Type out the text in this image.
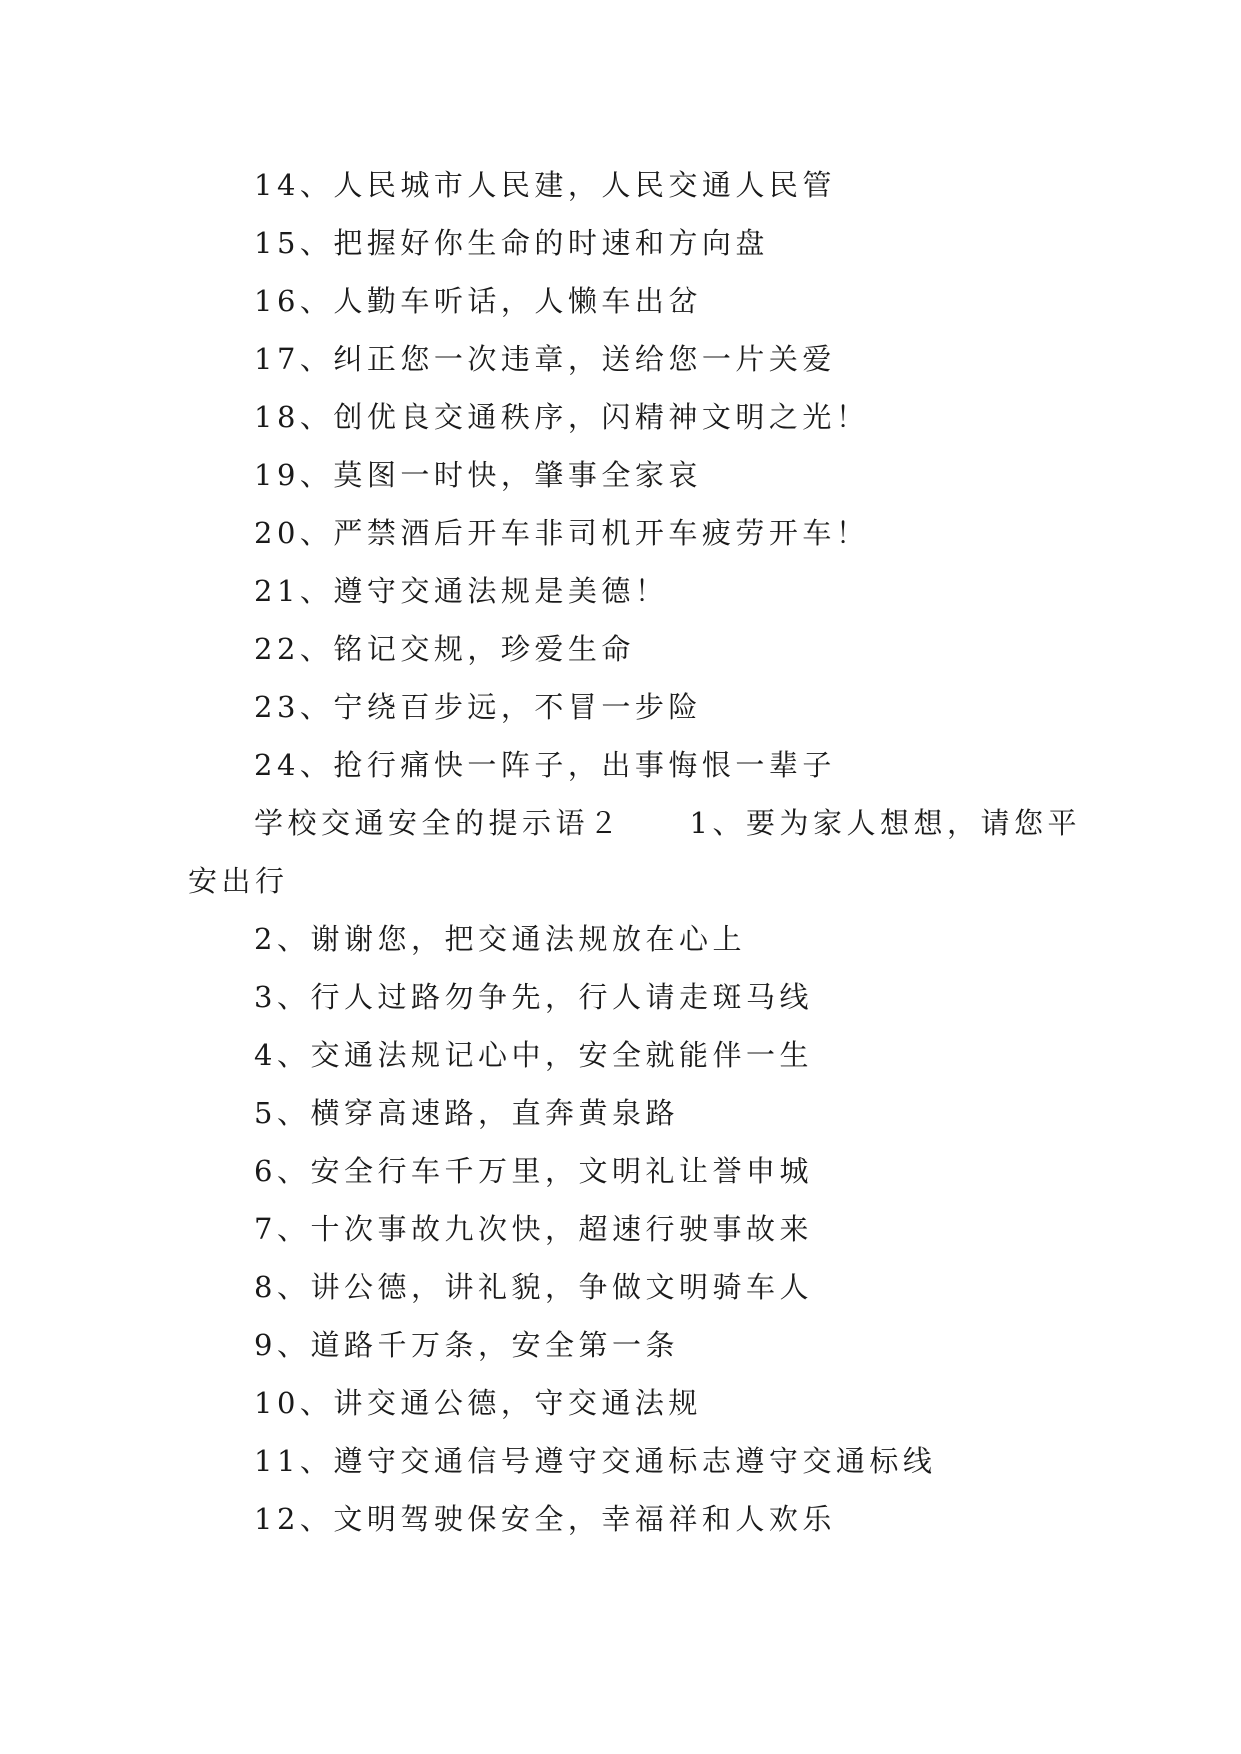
14、人民城市人民建，人民交通人民管
15、把握好你生命的时速和方向盘
16、人勤车听话，人懒车出岔
17、纠正您一次违章，送给您一片关爱
18、创优良交通秩序，闪精神文明之光！
19、莫图一时快，肇事全家哀
20、严禁酒后开车非司机开车疲劳开车！
21、遵守交通法规是美德！
22、铭记交规，珍爱生命
23、宁绕百步远，不冒一步险
24、抢行痛快一阵子，出事悔恨一辈子
学校交通安全的提示语２　　1、要为家人想想，请您平
安出行
2、谢谢您，把交通法规放在心上
3、行人过路勿争先，行人请走斑马线
4、交通法规记心中，安全就能伴一生
5、横穿高速路，直奔黄泉路
6、安全行车千万里，文明礼让誉申城
7、十次事故九次快，超速行驶事故来
8、讲公德，讲礼貌，争做文明骑车人
9、道路千万条，安全第一条
10、讲交通公德，守交通法规
11、遵守交通信号遵守交通标志遵守交通标线
12、文明驾驶保安全，幸福祥和人欢乐
